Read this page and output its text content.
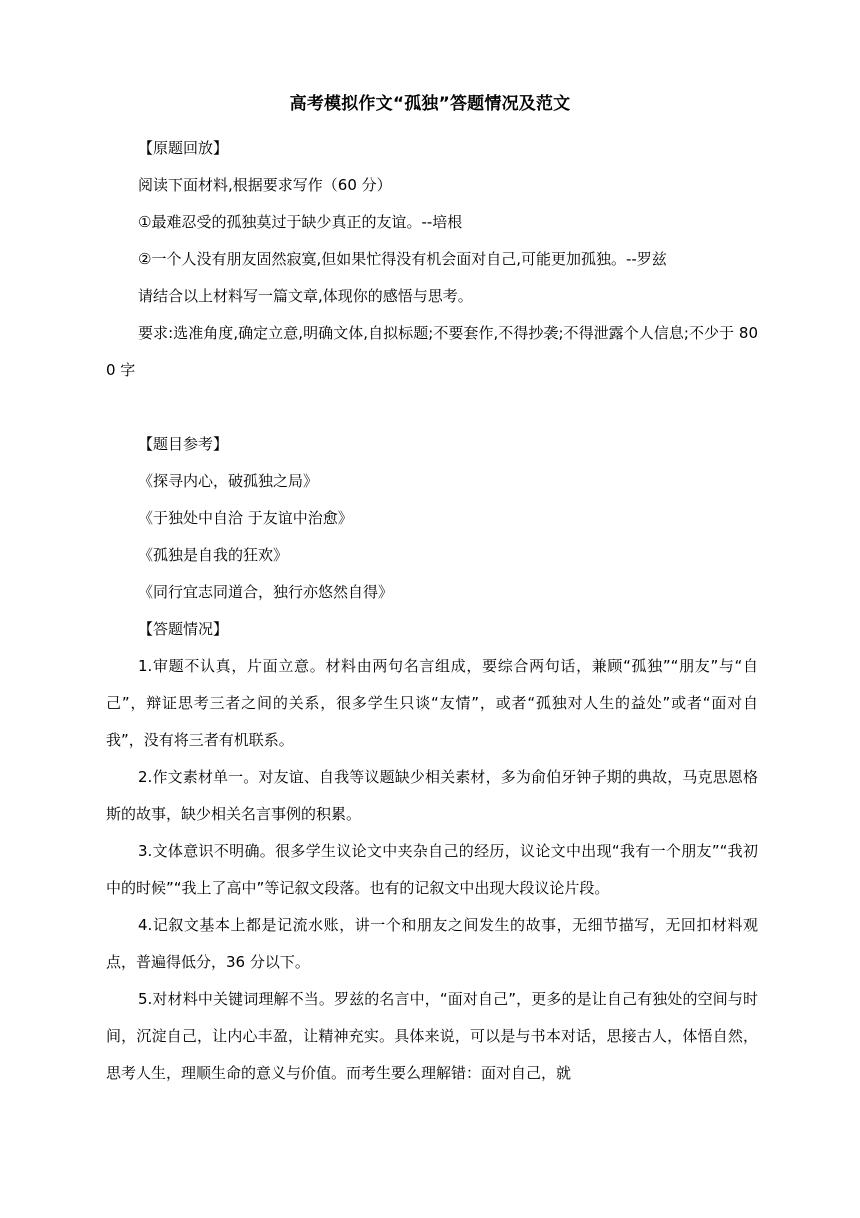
高考模拟作文“孤独”答题情况及范文

【原题回放】

阅读下面材料,根据要求写作（60 分）

①最难忍受的孤独莫过于缺少真正的友谊。--培根

②一个人没有朋友固然寂寞,但如果忙得没有机会面对自己,可能更加孤独。--罗兹

请结合以上材料写一篇文章,体现你的感悟与思考。

要求:选准角度,确定立意,明确文体,自拟标题;不要套作,不得抄袭;不得泄露个人信息;不少于 800 字

【题目参考】

《探寻内心，破孤独之局》

《于独处中自洽 于友谊中治愈》

《孤独是自我的狂欢》

《同行宜志同道合，独行亦悠然自得》

【答题情况】

1.审题不认真，片面立意。材料由两句名言组成，要综合两句话，兼顾“孤独”“朋友”与“自己”，辩证思考三者之间的关系，很多学生只谈“友情”，或者“孤独对人生的益处”或者“面对自我”，没有将三者有机联系。

2.作文素材单一。对友谊、自我等议题缺少相关素材，多为俞伯牙钟子期的典故，马克思恩格斯的故事，缺少相关名言事例的积累。

3.文体意识不明确。很多学生议论文中夹杂自己的经历，议论文中出现“我有一个朋友”“我初中的时候”“我上了高中”等记叙文段落。也有的记叙文中出现大段议论片段。

4.记叙文基本上都是记流水账，讲一个和朋友之间发生的故事，无细节描写，无回扣材料观点，普遍得低分，36 分以下。

5.对材料中关键词理解不当。罗兹的名言中，“面对自己”，更多的是让自己有独处的空间与时间，沉淀自己，让内心丰盈，让精神充实。具体来说，可以是与书本对话，思接古人，体悟自然，思考人生，理顺生命的意义与价值。而考生要么理解错：面对自己，就
